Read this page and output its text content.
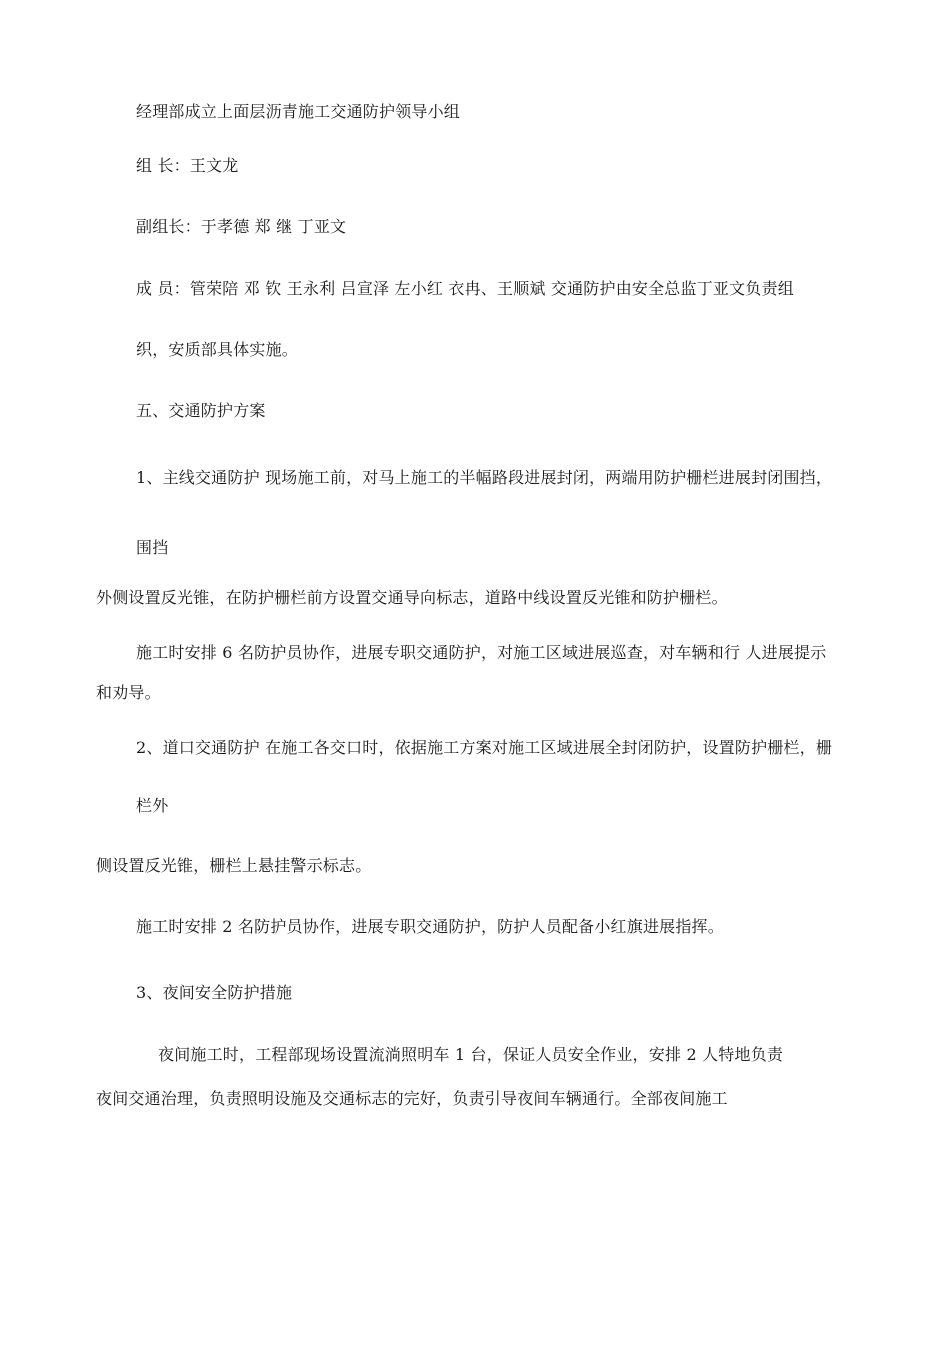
经理部成立上面层沥青施工交通防护领导小组
组 长：王文龙
副组长：于孝德 郑 继 丁亚文
成 员：管荣陪 邓 钦 王永利 吕宣泽 左小红 衣冉、王顺斌 交通防护由安全总监丁亚文负责组
织，安质部具体实施。
五、交通防护方案
1、主线交通防护 现场施工前，对马上施工的半幅路段进展封闭，两端用防护栅栏进展封闭围挡，
围挡
外侧设置反光锥，在防护栅栏前方设置交通导向标志，道路中线设置反光锥和防护栅栏。
施工时安排 6 名防护员协作，进展专职交通防护，对施工区域进展巡查，对车辆和行 人进展提示
和劝导。
2、道口交通防护 在施工各交口时，依据施工方案对施工区域进展全封闭防护，设置防护栅栏，栅
栏外
侧设置反光锥，栅栏上悬挂警示标志。
施工时安排 2 名防护员协作，进展专职交通防护，防护人员配备小红旗进展指挥。
3、夜间安全防护措施
夜间施工时，工程部现场设置流淌照明车 1 台，保证人员安全作业，安排 2 人特地负责
夜间交通治理，负责照明设施及交通标志的完好，负责引导夜间车辆通行。全部夜间施工
